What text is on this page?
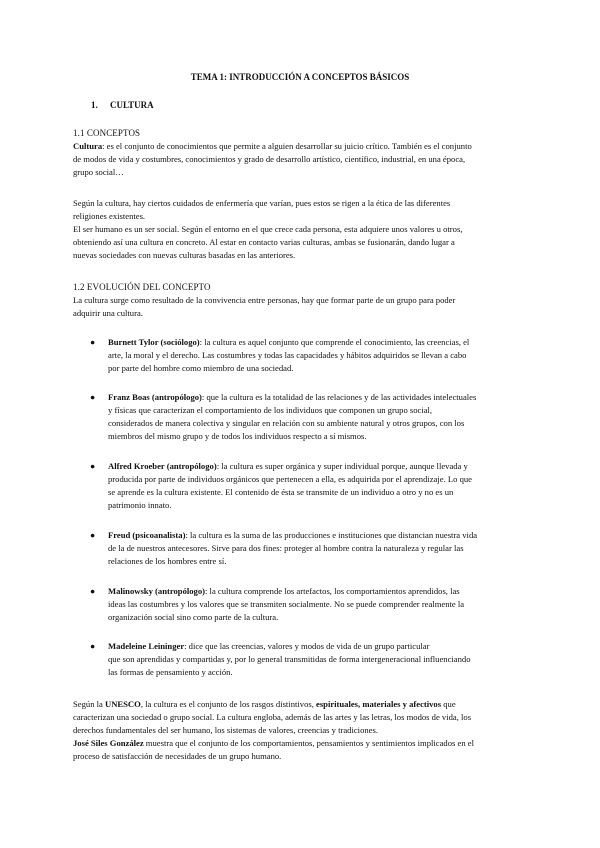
TEMA 1: INTRODUCCIÓN A CONCEPTOS BÁSICOS
1. CULTURA
1.1 CONCEPTOS

Cultura: es el conjunto de conocimientos que permite a alguien desarrollar su juicio crítico. También es el conjunto

de modos de vida y costumbres, conocimientos y grado de desarrollo artístico, científico, industrial, en una época,

grupo social…

Según la cultura, hay ciertos cuidados de enfermería que varían, pues estos se rigen a la ética de las diferentes

religiones existentes.

El ser humano es un ser social. Según el entorno en el que crece cada persona, esta adquiere unos valores u otros,

obteniendo así una cultura en concreto. Al estar en contacto varias culturas, ambas se fusionarán, dando lugar a

nuevas sociedades con nuevas culturas basadas en las anteriores.

1.2 EVOLUCIÓN DEL CONCEPTO

La cultura surge como resultado de la convivencia entre personas, hay que formar parte de un grupo para poder

adquirir una cultura.

●	Burnett Tylor (sociólogo): la cultura es aquel conjunto que comprende el conocimiento, las creencias, el
arte, la moral y el derecho. Las costumbres y todas las capacidades y hábitos adquiridos se llevan a cabo
por parte del hombre como miembro de una sociedad.
●	Franz Boas (antropólogo): que la cultura es la totalidad de las relaciones y de las actividades intelectuales
y físicas que caracterizan el comportamiento de los individuos que componen un grupo social,
considerados de manera colectiva y singular en relación con su ambiente natural y otros grupos, con los
miembros del mismo grupo y de todos los individuos respecto a sí mismos.
●	Alfred Kroeber (antropólogo): la cultura es super orgánica y super individual porque, aunque llevada y
producida por parte de individuos orgánicos que pertenecen a ella, es adquirida por el aprendizaje. Lo que
se aprende es la cultura existente. El contenido de ésta se transmite de un individuo a otro y no es un
patrimonio innato.
●	Freud (psicoanalista): la cultura es la suma de las producciones e instituciones que distancian nuestra vida
de la de nuestros antecesores. Sirve para dos fines: proteger al hombre contra la naturaleza y regular las
relaciones de los hombres entre sí.
●	Malinowsky (antropólogo): la cultura comprende los artefactos, los comportamientos aprendidos, las
ideas las costumbres y los valores que se transmiten socialmente. No se puede comprender realmente la
organización social sino como parte de la cultura.
●	Madeleine Leininger: dice que las creencias, valores y modos de vida de un grupo particular
que son aprendidas y compartidas y, por lo general transmitidas de forma intergeneracional influenciando
las formas de pensamiento y acción.

Según la UNESCO, la cultura es el conjunto de los rasgos distintivos, espirituales, materiales y afectivos que

caracterizan una sociedad o grupo social. La cultura engloba, además de las artes y las letras, los modos de vida, los

derechos fundamentales del ser humano, los sistemas de valores, creencias y tradiciones.

José Siles González muestra que el conjunto de los comportamientos, pensamientos y sentimientos implicados en el

proceso de satisfacción de necesidades de un grupo humano.
